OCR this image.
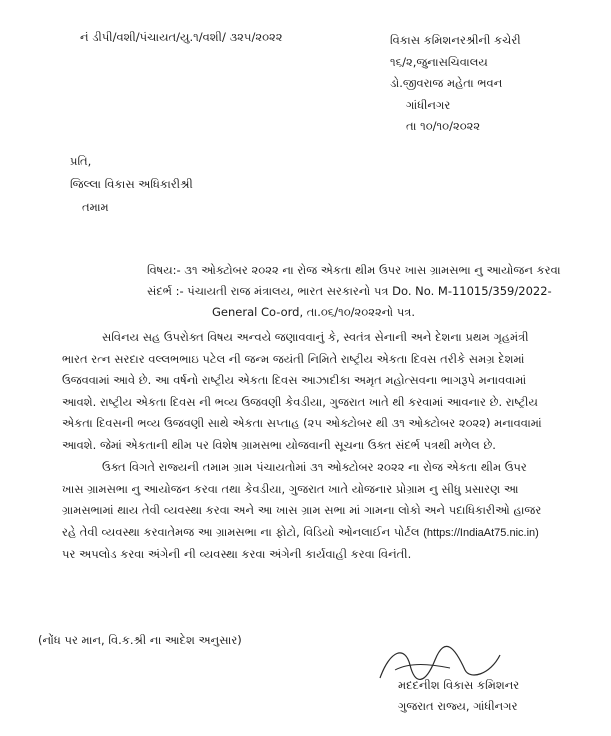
નં ડીપી/વશી/પંચાયત/યુ.૧/વશી/ ૩૨૫/૨૦૨૨	વિકાસ કમિશનરશ્રીની કચેરી
૧૬/૨,જુનાસચિવાલય
ડો.જીવરાજ મહેતા ભવન
ગાંધીનગર
તા ૧૦/૧૦/૨૦૨૨
પ્રતિ,
જિલ્લા વિકાસ અધિકારીશ્રી
તમામ
વિષય:- ૩૧ ઓક્ટોબર ૨૦૨૨ ના રોજ એકતા થીમ ઉપર ખાસ ગ્રામસભા નુ આયોજન કરવા
સંદર્ભ :- પંચાયતી રાજ મંત્રાલય, ભારત સરકારનો પત્ર Do. No. M-11015/359/2022-
General Co-ord, તા.૦૬/૧૦/૨૦૨૨નો પત્ર.
સવિનય સહ ઉપરોક્ત વિષય અન્વયે જણાવવાનું કે, સ્વતંત્ર સેનાની અને દેશના પ્રથમ ગૃહમંત્રી
ભારત રત્ન સરદાર વલ્લભભાઇ પટેલ ની જન્મ જયંતી નિમિતે રાષ્ટ્રીય એકતા દિવસ તરીકે સમગ્ર દેશમાં
ઉજવવામાં આવે છે. આ વર્ષનો રાષ્ટ્રીય એકતા દિવસ આઝાદીકા અમૃત મહોત્સવના ભાગરૂપે મનાવવામાં
આવશે. રાષ્ટ્રીય એકતા દિવસ ની ભવ્ય ઉજવણી કેવડીયા, ગુજરાત ખાતે થી કરવામાં આવનાર છે. રાષ્ટ્રીય
એકતા દિવસની ભવ્ય ઉજવણી સાથે એકતા સપ્તાહ (૨૫ ઓક્ટોબર થી ૩૧ ઓક્ટોબર ૨૦૨૨) મનાવવામાં
આવશે. જેમાં એકતાની થીમ પર વિશેષ ગ્રામસભા યોજવાની સૂચના ઉક્ત સંદર્ભ પત્રથી મળેલ છે.
ઉક્ત વિગતે રાજ્યની તમામ ગ્રામ પંચાયતોમાં ૩૧ ઓક્ટોબર ૨૦૨૨ ના રોજ એકતા થીમ ઉપર
ખાસ ગ્રામસભા નુ આયોજન કરવા તથા કેવડીયા, ગુજરાત ખાતે યોજનાર પ્રોગ્રામ નુ સીધુ પ્રસારણ આ
ગ્રામસભામાં થાય તેવી વ્યવસ્થા કરવા અને આ ખાસ ગ્રામ સભા માં ગામના લોકો અને પદાધિકારીઓ હાજર
રહે તેવી વ્યવસ્થા કરવાતેમજ આ ગ્રામસભા ના ફોટો, વિડિયો ઓનલાઈન પોર્ટલ (https://IndiaAt75.nic.in)
પર અપલોડ કરવા અંગેની ની વ્યવસ્થા કરવા અંગેની કાર્યવાહી કરવા વિનંતી.
(નોંધ પર માન, વિ.ક.શ્રી ના આદેશ અનુસાર)
મદદનીશ વિકાસ કમિશનર
ગુજરાત રાજ્ય, ગાંધીનગર
